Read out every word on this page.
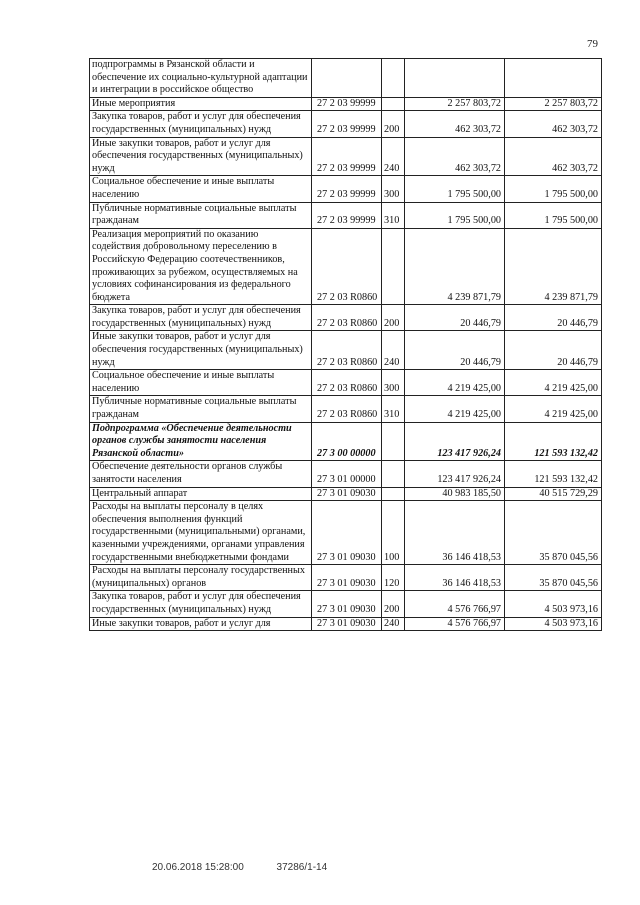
79
подпрограммы в Рязанской области и обеспечение их социально-культурной адаптации и интеграции в российское общество				
Иные мероприятия	27 2 03 99999		2 257 803,72	2 257 803,72
Закупка товаров, работ и услуг для обеспечения государственных (муниципальных) нужд	27 2 03 99999	200	462 303,72	462 303,72
Иные закупки товаров, работ и услуг для обеспечения государственных (муниципальных) нужд	27 2 03 99999	240	462 303,72	462 303,72
Социальное обеспечение и иные выплаты населению	27 2 03 99999	300	1 795 500,00	1 795 500,00
Публичные нормативные социальные выплаты гражданам	27 2 03 99999	310	1 795 500,00	1 795 500,00
Реализация мероприятий по оказанию содействия добровольному переселению в Российскую Федерацию соотечественников, проживающих за рубежом, осуществляемых на условиях софинансирования из федерального бюджета	27 2 03 R0860		4 239 871,79	4 239 871,79
Закупка товаров, работ и услуг для обеспечения государственных (муниципальных) нужд	27 2 03 R0860	200	20 446,79	20 446,79
Иные закупки товаров, работ и услуг для обеспечения государственных (муниципальных) нужд	27 2 03 R0860	240	20 446,79	20 446,79
Социальное обеспечение и иные выплаты населению	27 2 03 R0860	300	4 219 425,00	4 219 425,00
Публичные нормативные социальные выплаты гражданам	27 2 03 R0860	310	4 219 425,00	4 219 425,00
Подпрограмма «Обеспечение деятельности органов службы занятости населения Рязанской области»	27 3 00 00000		123 417 926,24	121 593 132,42
Обеспечение деятельности органов службы занятости населения	27 3 01 00000		123 417 926,24	121 593 132,42
Центральный аппарат	27 3 01 09030		40 983 185,50	40 515 729,29
Расходы на выплаты персоналу в целях обеспечения выполнения функций государственными (муниципальными) органами, казенными учреждениями, органами управления государственными внебюджетными фондами	27 3 01 09030	100	36 146 418,53	35 870 045,56
Расходы на выплаты персоналу государственных (муниципальных) органов	27 3 01 09030	120	36 146 418,53	35 870 045,56
Закупка товаров, работ и услуг для обеспечения государственных (муниципальных) нужд	27 3 01 09030	200	4 576 766,97	4 503 973,16
Иные закупки товаров, работ и услуг для	27 3 01 09030	240	4 576 766,97	4 503 973,16
20.06.2018 15:28:00	37286/1-14
